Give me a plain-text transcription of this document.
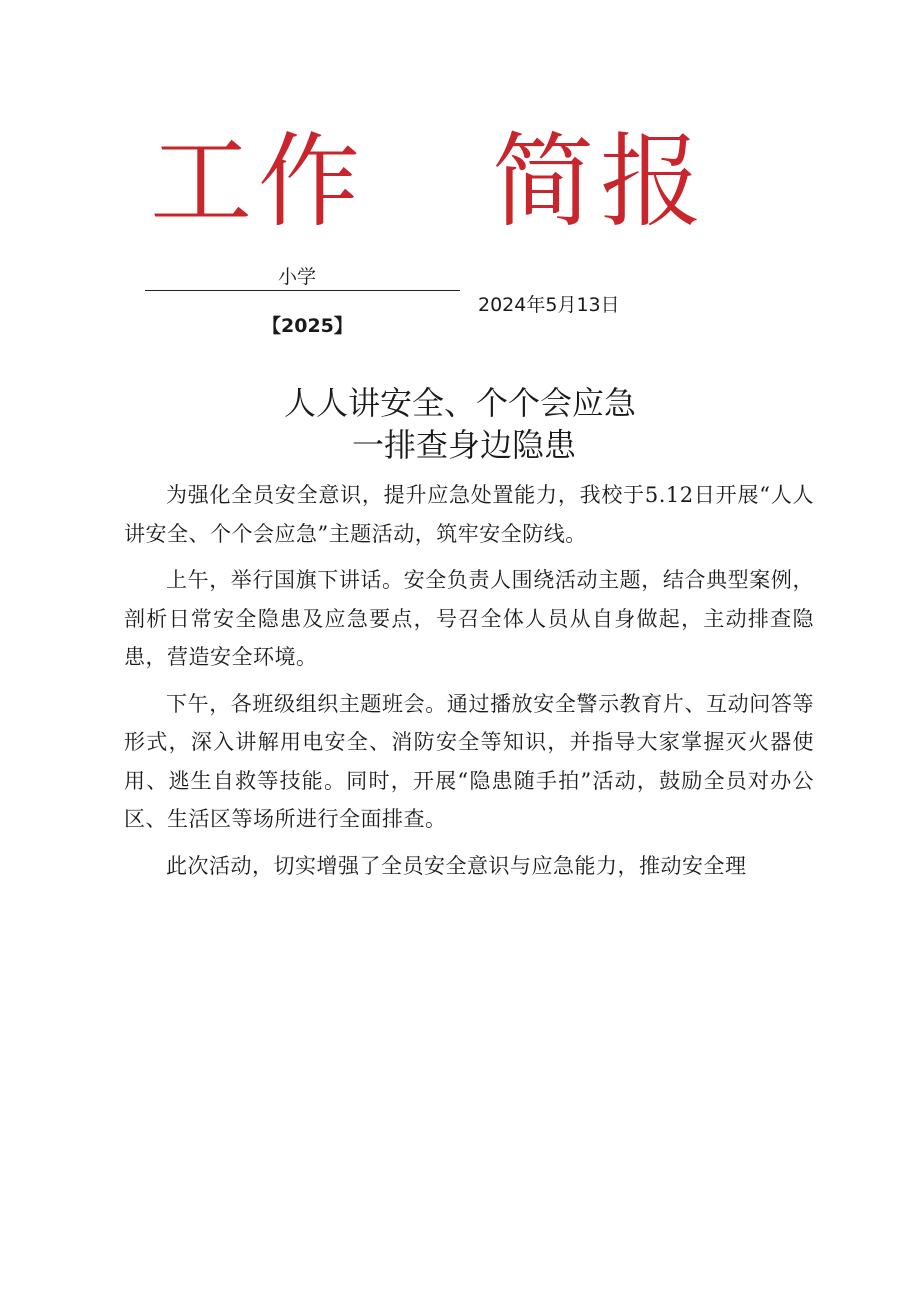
工作 简报
小学
【2025】
2024年5月13日
人人讲安全、个个会应急
一排查身边隐患

为强化全员安全意识，提升应急处置能力，我校于5.12日开展“人人讲安全、个个会应急”主题活动，筑牢安全防线。

上午，举行国旗下讲话。安全负责人围绕活动主题，结合典型案例，剖析日常安全隐患及应急要点，号召全体人员从自身做起，主动排查隐患，营造安全环境。

下午，各班级组织主题班会。通过播放安全警示教育片、互动问答等形式，深入讲解用电安全、消防安全等知识，并指导大家掌握灭火器使用、逃生自救等技能。同时，开展“隐患随手拍”活动，鼓励全员对办公区、生活区等场所进行全面排查。

此次活动，切实增强了全员安全意识与应急能力，推动安全理
